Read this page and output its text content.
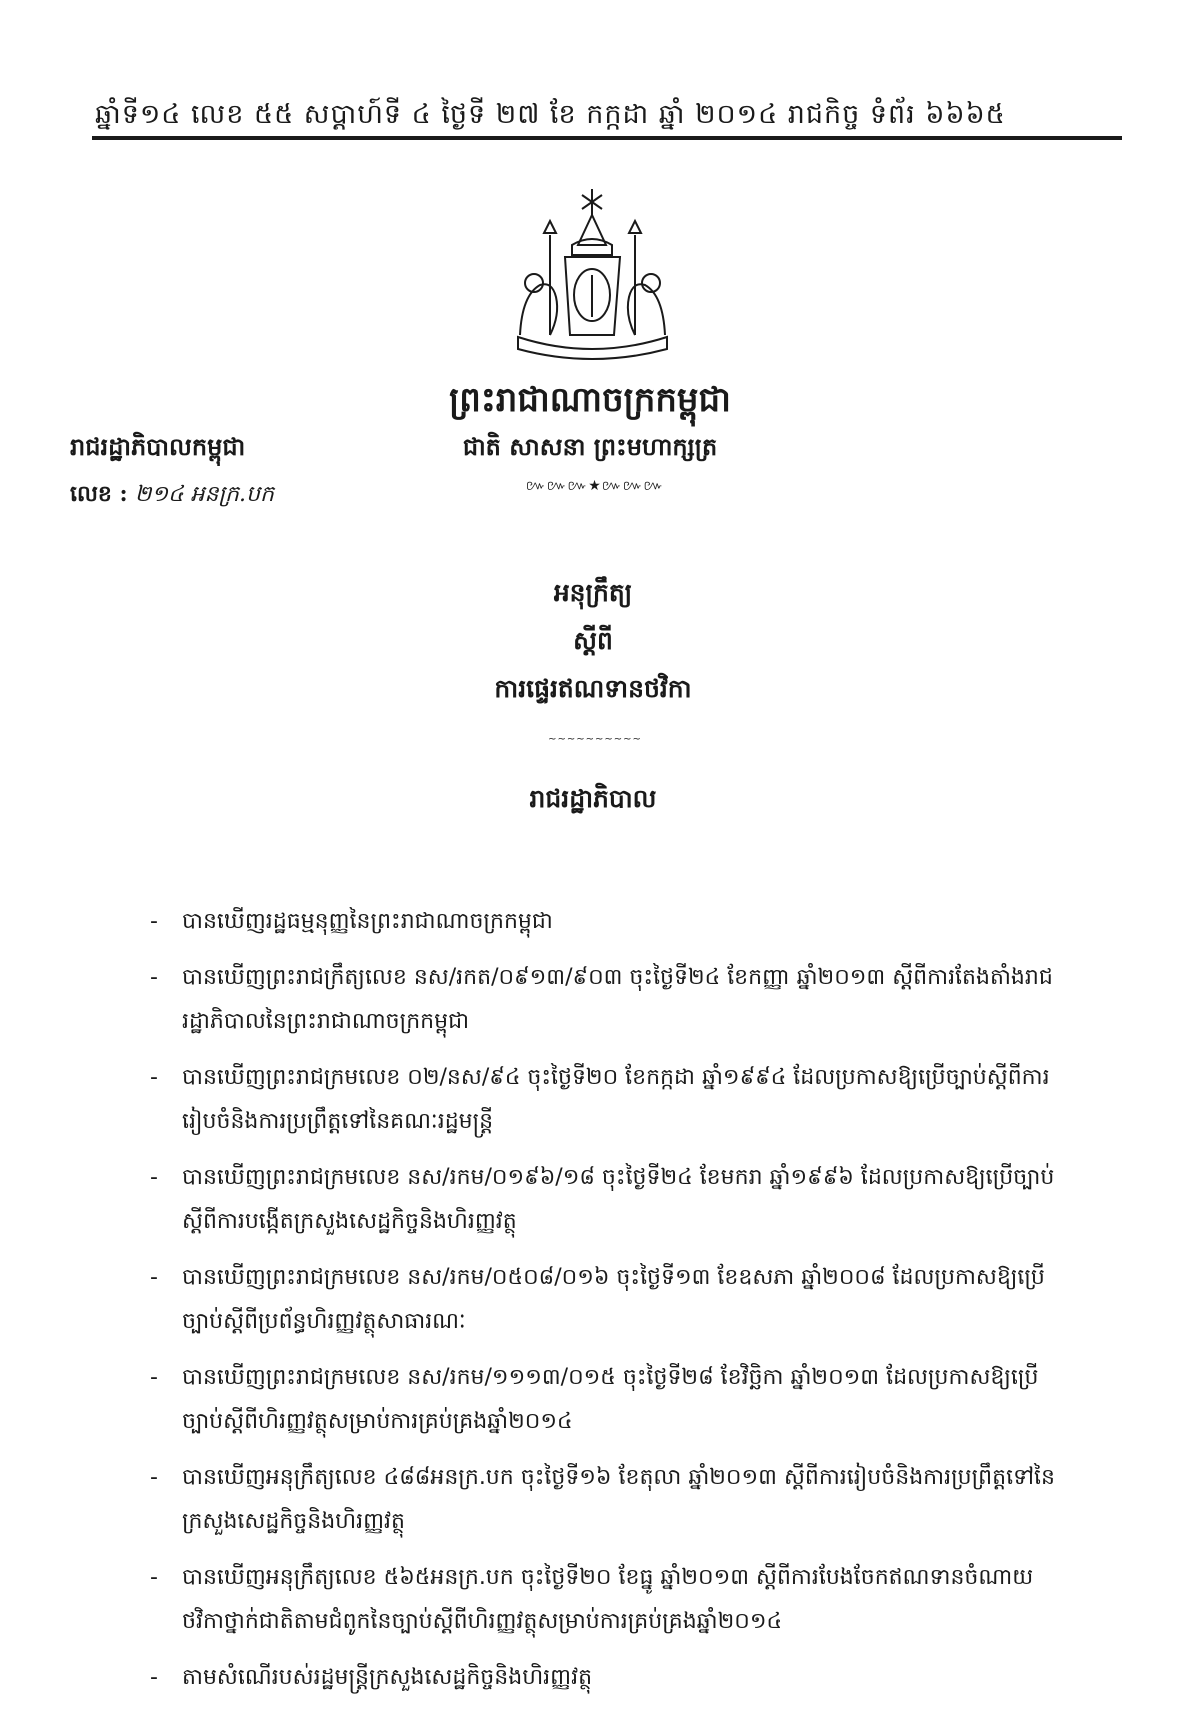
ឆ្នាំទី១៤ លេខ ៥៥ សប្តាហ៍ទី ៤ ថ្ងៃទី ២៧ ខែ កក្កដា ឆ្នាំ ២០១៤ រាជកិច្ច ទំព័រ ៦៦៦៥
ព្រះរាជាណាចក្រកម្ពុជា
ជាតិ សាសនា ព្រះមហាក្សត្រ
៚៚៚★៚៚៚
រាជរដ្ឋាភិបាលកម្ពុជា
លេខ : ២១៤ អនក្រ.បក
អនុក្រឹត្យ
ស្តីពី
ការផ្ទេរឥណទានថវិកា
~~~~~~~~~~
រាជរដ្ឋាភិបាល
- បានឃើញរដ្ឋធម្មនុញ្ញនៃព្រះរាជាណាចក្រកម្ពុជា
- បានឃើញព្រះរាជក្រឹត្យលេខ នស/រកត/០៩១៣/៩០៣ ចុះថ្ងៃទី២៤ ខែកញ្ញា ឆ្នាំ២០១៣ ស្តីពីការតែងតាំងរាជរដ្ឋាភិបាលនៃព្រះរាជាណាចក្រកម្ពុជា
- បានឃើញព្រះរាជក្រមលេខ ០២/នស/៩៤ ចុះថ្ងៃទី២០ ខែកក្កដា ឆ្នាំ១៩៩៤ ដែលប្រកាសឱ្យប្រើច្បាប់ស្តីពីការរៀបចំនិងការប្រព្រឹត្តទៅនៃគណៈរដ្ឋមន្ត្រី
- បានឃើញព្រះរាជក្រមលេខ នស/រកម/០១៩៦/១៨ ចុះថ្ងៃទី២៤ ខែមករា ឆ្នាំ១៩៩៦ ដែលប្រកាសឱ្យប្រើច្បាប់ស្តីពីការបង្កើតក្រសួងសេដ្ឋកិច្ចនិងហិរញ្ញវត្ថុ
- បានឃើញព្រះរាជក្រមលេខ នស/រកម/០៥០៨/០១៦ ចុះថ្ងៃទី១៣ ខែឧសភា ឆ្នាំ២០០៨ ដែលប្រកាសឱ្យប្រើច្បាប់ស្តីពីប្រព័ន្ធហិរញ្ញវត្ថុសាធារណៈ
- បានឃើញព្រះរាជក្រមលេខ នស/រកម/១១១៣/០១៥ ចុះថ្ងៃទី២៨ ខែវិច្ឆិកា ឆ្នាំ២០១៣ ដែលប្រកាសឱ្យប្រើច្បាប់ស្តីពីហិរញ្ញវត្ថុសម្រាប់ការគ្រប់គ្រងឆ្នាំ២០១៤
- បានឃើញអនុក្រឹត្យលេខ ៤៨៨អនក្រ.បក ចុះថ្ងៃទី១៦ ខែតុលា ឆ្នាំ២០១៣ ស្តីពីការរៀបចំនិងការប្រព្រឹត្តទៅនៃក្រសួងសេដ្ឋកិច្ចនិងហិរញ្ញវត្ថុ
- បានឃើញអនុក្រឹត្យលេខ ៥៦៥អនក្រ.បក ចុះថ្ងៃទី២០ ខែធ្នូ ឆ្នាំ២០១៣ ស្តីពីការបែងចែកឥណទានចំណាយថវិកាថ្នាក់ជាតិតាមជំពូកនៃច្បាប់ស្តីពីហិរញ្ញវត្ថុសម្រាប់ការគ្រប់គ្រងឆ្នាំ២០១៤
- តាមសំណើរបស់រដ្ឋមន្ត្រីក្រសួងសេដ្ឋកិច្ចនិងហិរញ្ញវត្ថុ
